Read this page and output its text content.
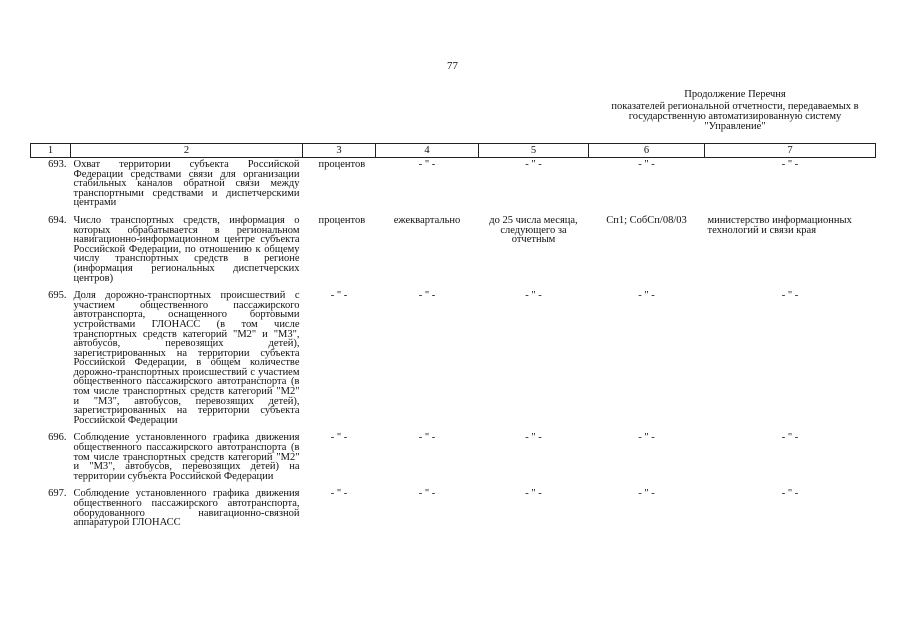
77
Продолжение Перечня
показателей региональной отчетности, передаваемых в государственную автоматизированную систему "Управление"
1	2	3	4	5	6	7
693.	Охват территории субъекта Российской Федерации средствами связи для организации стабильных каналов обратной связи между транспортными средствами и диспетчерскими центрами	процентов	- " -	- " -	- " -	- " -
694.	Число транспортных средств, информация о которых обрабатывается в региональном навигационно-информационном центре субъекта Российской Федерации, по отношению к общему числу транспортных средств в регионе (информация региональных диспетчерских центров)	процентов	ежеквартально	до 25 числа месяца, следующего за отчетным	Сп1; СобСп/08/03	министерство информационных технологий и связи края
695.	Доля дорожно-транспортных происшествий с участием общественного пассажирского автотранспорта, оснащенного бортовыми устройствами ГЛОНАСС (в том числе транспортных средств категорий "М2" и "М3", автобусов, перевозящих детей), зарегистрированных на территории субъекта Российской Федерации, в общем количестве дорожно-транспортных происшествий с участием общественного пассажирского автотранспорта (в том числе транспортных средств категорий "М2" и "М3", автобусов, перевозящих детей), зарегистрированных на территории субъекта Российской Федерации	- " -	- " -	- " -	- " -	- " -
696.	Соблюдение установленного графика движения общественного пассажирского автотранспорта (в том числе транспортных средств категорий "М2" и "М3", автобусов, перевозящих детей) на территории субъекта Российской Федерации	- " -	- " -	- " -	- " -	- " -
697.	Соблюдение установленного графика движения общественного пассажирского автотранспорта, оборудованного навигационно-связной аппаратурой ГЛОНАСС	- " -	- " -	- " -	- " -	- " -
